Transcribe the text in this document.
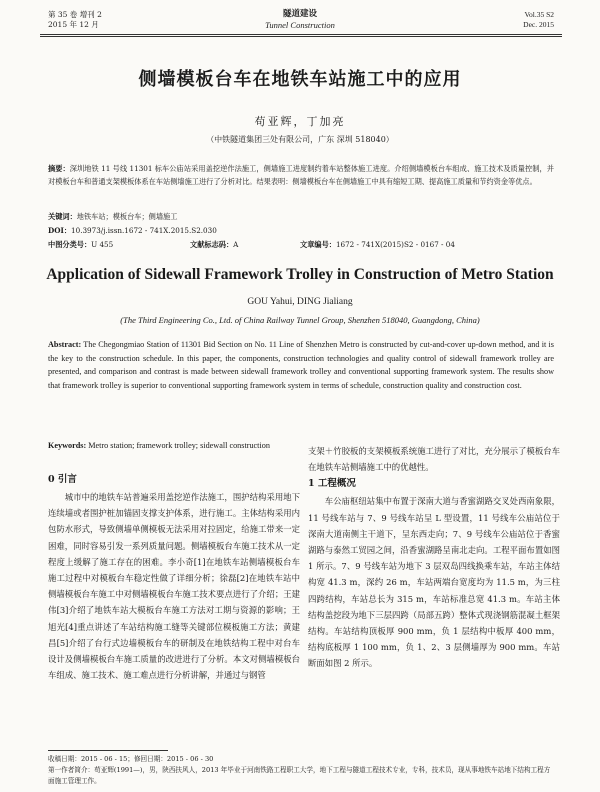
第 35 卷 增刊 2
2015 年 12 月
隧道建设
Tunnel Construction
Vol.35 S2
Dec. 2015
侧墙模板台车在地铁车站施工中的应用
苟亚辉，丁加亮
（中铁隧道集团三处有限公司，广东 深圳 518040）
摘要：深圳地铁 11 号线 11301 标车公庙站采用盖挖逆作法施工，侧墙施工进度制约着车站整体施工进度。介绍侧墙模板台车组成、施工技术及质量控制，并对模板台车和普通支架模板体系在车站侧墙施工进行了分析对比。结果表明：侧墙模板台车在侧墙施工中具有缩短工期、提高施工质量和节约资金等优点。
关键词：地铁车站；模板台车；侧墙施工
DOI：10.3973/j.issn.1672 - 741X.2015.S2.030
中图分类号：U 455	文献标志码：A	文章编号：1672 - 741X(2015)S2 - 0167 - 04
Application of Sidewall Framework Trolley in Construction of Metro Station
GOU Yahui, DING Jialiang
(The Third Engineering Co., Ltd. of China Railway Tunnel Group, Shenzhen 518040, Guangdong, China)
Abstract: The Chegongmiao Station of 11301 Bid Section on No. 11 Line of Shenzhen Metro is constructed by cut-and-cover up-down method, and it is the key to the construction schedule. In this paper, the components, construction technologies and quality control of sidewall framework trolley are presented, and comparison and contrast is made between sidewall framework trolley and conventional supporting framework system. The results show that framework trolley is superior to conventional supporting framework system in terms of schedule, construction quality and construction cost.
Keywords: Metro station; framework trolley; sidewall construction
0 引言

城市中的地铁车站普遍采用盖挖逆作法施工，围护结构采用地下连续墙或者围护桩加锚固支撑支护体系，进行施工。主体结构采用内包防水形式，导致侧墙单侧模板无法采用对拉固定，给施工带来一定困难，同时容易引发一系列质量问题。侧墙模板台车施工技术从一定程度上缓解了施工存在的困难。李小奇[1]在地铁车站侧墙模板台车施工过程中对模板台车稳定性做了详细分析；徐磊[2]在地铁车站中侧墙模板台车施工中对侧墙模板台车施工技术要点进行了介绍；王建伟[3]介绍了地铁车站大模板台车施工方法对工期与资源的影响；王旭光[4]重点讲述了车站结构施工缝等关键部位模板施工方法；黄建昌[5]介绍了台行式边墙模板台车的研制及在地铁结构工程中对台车设计及侧墙模板台车施工质量的改进进行了分析。本文对侧墙模板台车组成、施工技术、施工难点进行分析讲解，并通过与钢管

支架＋竹胶板的支架模板系统施工进行了对比，充分展示了模板台车在地铁车站侧墙施工中的优越性。

1 工程概况

车公庙枢纽站集中布置于深南大道与香蜜湖路交叉处西南象限，11 号线车站与 7、9 号线车站呈 L 型设置，11 号线车公庙站位于深南大道南侧主干道下，呈东西走向；7、9 号线车公庙站位于香蜜湖路与泰然工贸园之间，沿香蜜湖路呈南北走向。工程平面布置如图 1 所示。7、9 号线车站为地下 3 层双岛四线换乘车站，车站主体结构宽 41.3 m，深约 26 m，车站两端台宽度均为 11.5 m，为三柱四跨结构，车站总长为 315 m，车站标准总宽 41.3 m。车站主体结构盖挖段为地下三层四跨（局部五跨）整体式现浇钢筋混凝土框架结构。车站结构顶板厚 900 mm，负 1 层结构中板厚 400 mm，结构底板厚 1 100 mm，负 1、2、3 层侧墙厚为 900 mm。车站断面如图 2 所示。

收稿日期：2015 - 06 - 15；修回日期：2015 - 06 - 30
第一作者简介：苟亚辉(1991—)，男，陕西扶风人，2013 年毕业于河南铁路工程职工大学，地下工程与隧道工程技术专业，专科，技术员，现从事地铁车站地下结构工程方面施工管理工作。
